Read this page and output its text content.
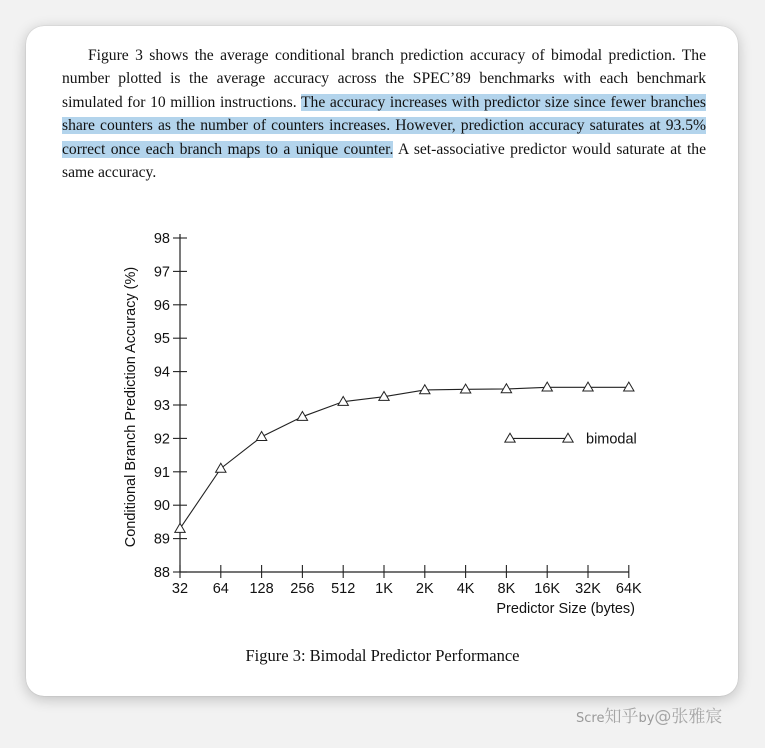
Figure 3 shows the average conditional branch prediction accuracy of bimodal prediction. The number plotted is the average accuracy across the SPEC’89 benchmarks with each benchmark simulated for 10 million instructions. The accuracy increases with predictor size since fewer branches share counters as the number of counters increases. However, prediction accuracy saturates at 93.5% correct once each branch maps to a unique counter. A set-associative predictor would saturate at the same accuracy.
88
89
90
91
92
93
94
95
96
97
98
32 64 128 256 512 1K 2K 4K 8K 16K 32K 64K
Predictor Size (bytes)
Conditional Branch Prediction Accuracy (%)	bimodal
Figure 3: Bimodal Predictor Performance
Scre知乎by@张雅宸
